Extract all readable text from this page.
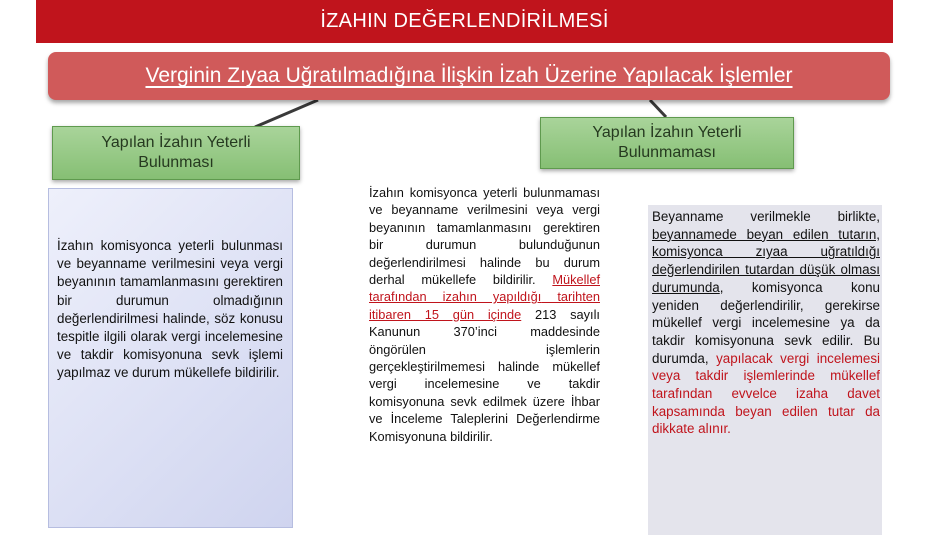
İZAHIN DEĞERLENDİRİLMESİ
Verginin Zıyaa Uğratılmadığına İlişkin İzah Üzerine Yapılacak İşlemler
Yapılan İzahın Yeterli
Bulunması
Yapılan İzahın Yeterli
Bulunmaması

İzahın komisyonca yeterli bulunması ve beyanname verilmesini veya vergi beyanının tamamlanmasını gerektiren bir durumun olmadığının değerlendirilmesi halinde, söz konusu tespitle ilgili olarak vergi incelemesine ve takdir komisyonuna sevk işlemi yapılmaz ve durum mükellefe bildirilir.

İzahın komisyonca yeterli bulunmaması ve beyanname verilmesini veya vergi beyanının tamamlanmasını gerektiren bir durumun bulunduğunun değerlendirilmesi halinde bu durum derhal mükellefe bildirilir. Mükellef tarafından izahın yapıldığı tarihten itibaren 15 gün içinde 213 sayılı Kanunun 370’inci maddesinde öngörülen işlemlerin gerçekleştirilmemesi halinde mükellef vergi incelemesine ve takdir komisyonuna sevk edilmek üzere İhbar ve İnceleme Taleplerini Değerlendirme Komisyonuna bildirilir.
Beyanname verilmekle birlikte, beyannamede beyan edilen tutarın, komisyonca zıyaa uğratıldığı değerlendirilen tutardan düşük olması durumunda, komisyonca konu yeniden değerlendirilir, gerekirse mükellef vergi incelemesine ya da takdir komisyonuna sevk edilir. Bu durumda, yapılacak vergi incelemesi veya takdir işlemlerinde mükellef tarafından evvelce izaha davet kapsamında beyan edilen tutar da dikkate alınır.
